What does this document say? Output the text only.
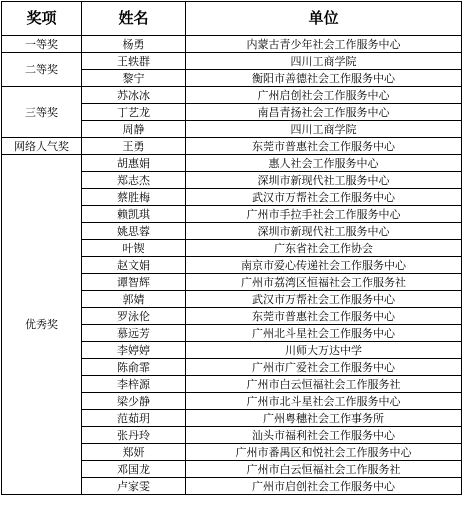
奖项	姓名	单位
一等奖	杨勇	内蒙古青少年社会工作服务中心
二等奖	王轶群	四川工商学院
	黎宁	衡阳市善德社会工作服务中心
三等奖	苏冰冰	广州启创社会工作服务中心
	丁艺龙	南昌青扬社会工作服务中心
	周静	四川工商学院
网络人气奖	王勇	东莞市普惠社会工作服务中心
优秀奖	胡惠娟	惠人社会工作服务中心
	郑志杰	深圳市新现代社工服务中心
	蔡胜梅	武汉市万帮社会工作服务中心
	赖凯琪	广州市手拉手社会工作服务中心
	姚思蓉	深圳市新现代社工服务中心
	叶锲	广东省社会工作协会
	赵文娟	南京市爱心传递社会工作服务中心
	谭智辉	广州市荔湾区恒福社会工作服务社
	郭婧	武汉市万帮社会工作服务中心
	罗泳伦	东莞市普惠社会工作服务中心
	慕远芳	广州北斗星社会工作服务中心
	李婷婷	川师大万达中学
	陈俞霏	广州市广爱社会工作服务中心
	李梓源	广州市白云恒福社会工作服务社
	梁少静	广州市北斗星社会工作服务中心
	范茹玥	广州粤穗社会工作事务所
	张丹玲	汕头市福利社会工作服务中心
	郑妍	广州市番禺区和悦社会工作服务中心
	邓国龙	广州市白云恒福社会工作服务社
	卢家雯	广州市启创社会工作服务中心
